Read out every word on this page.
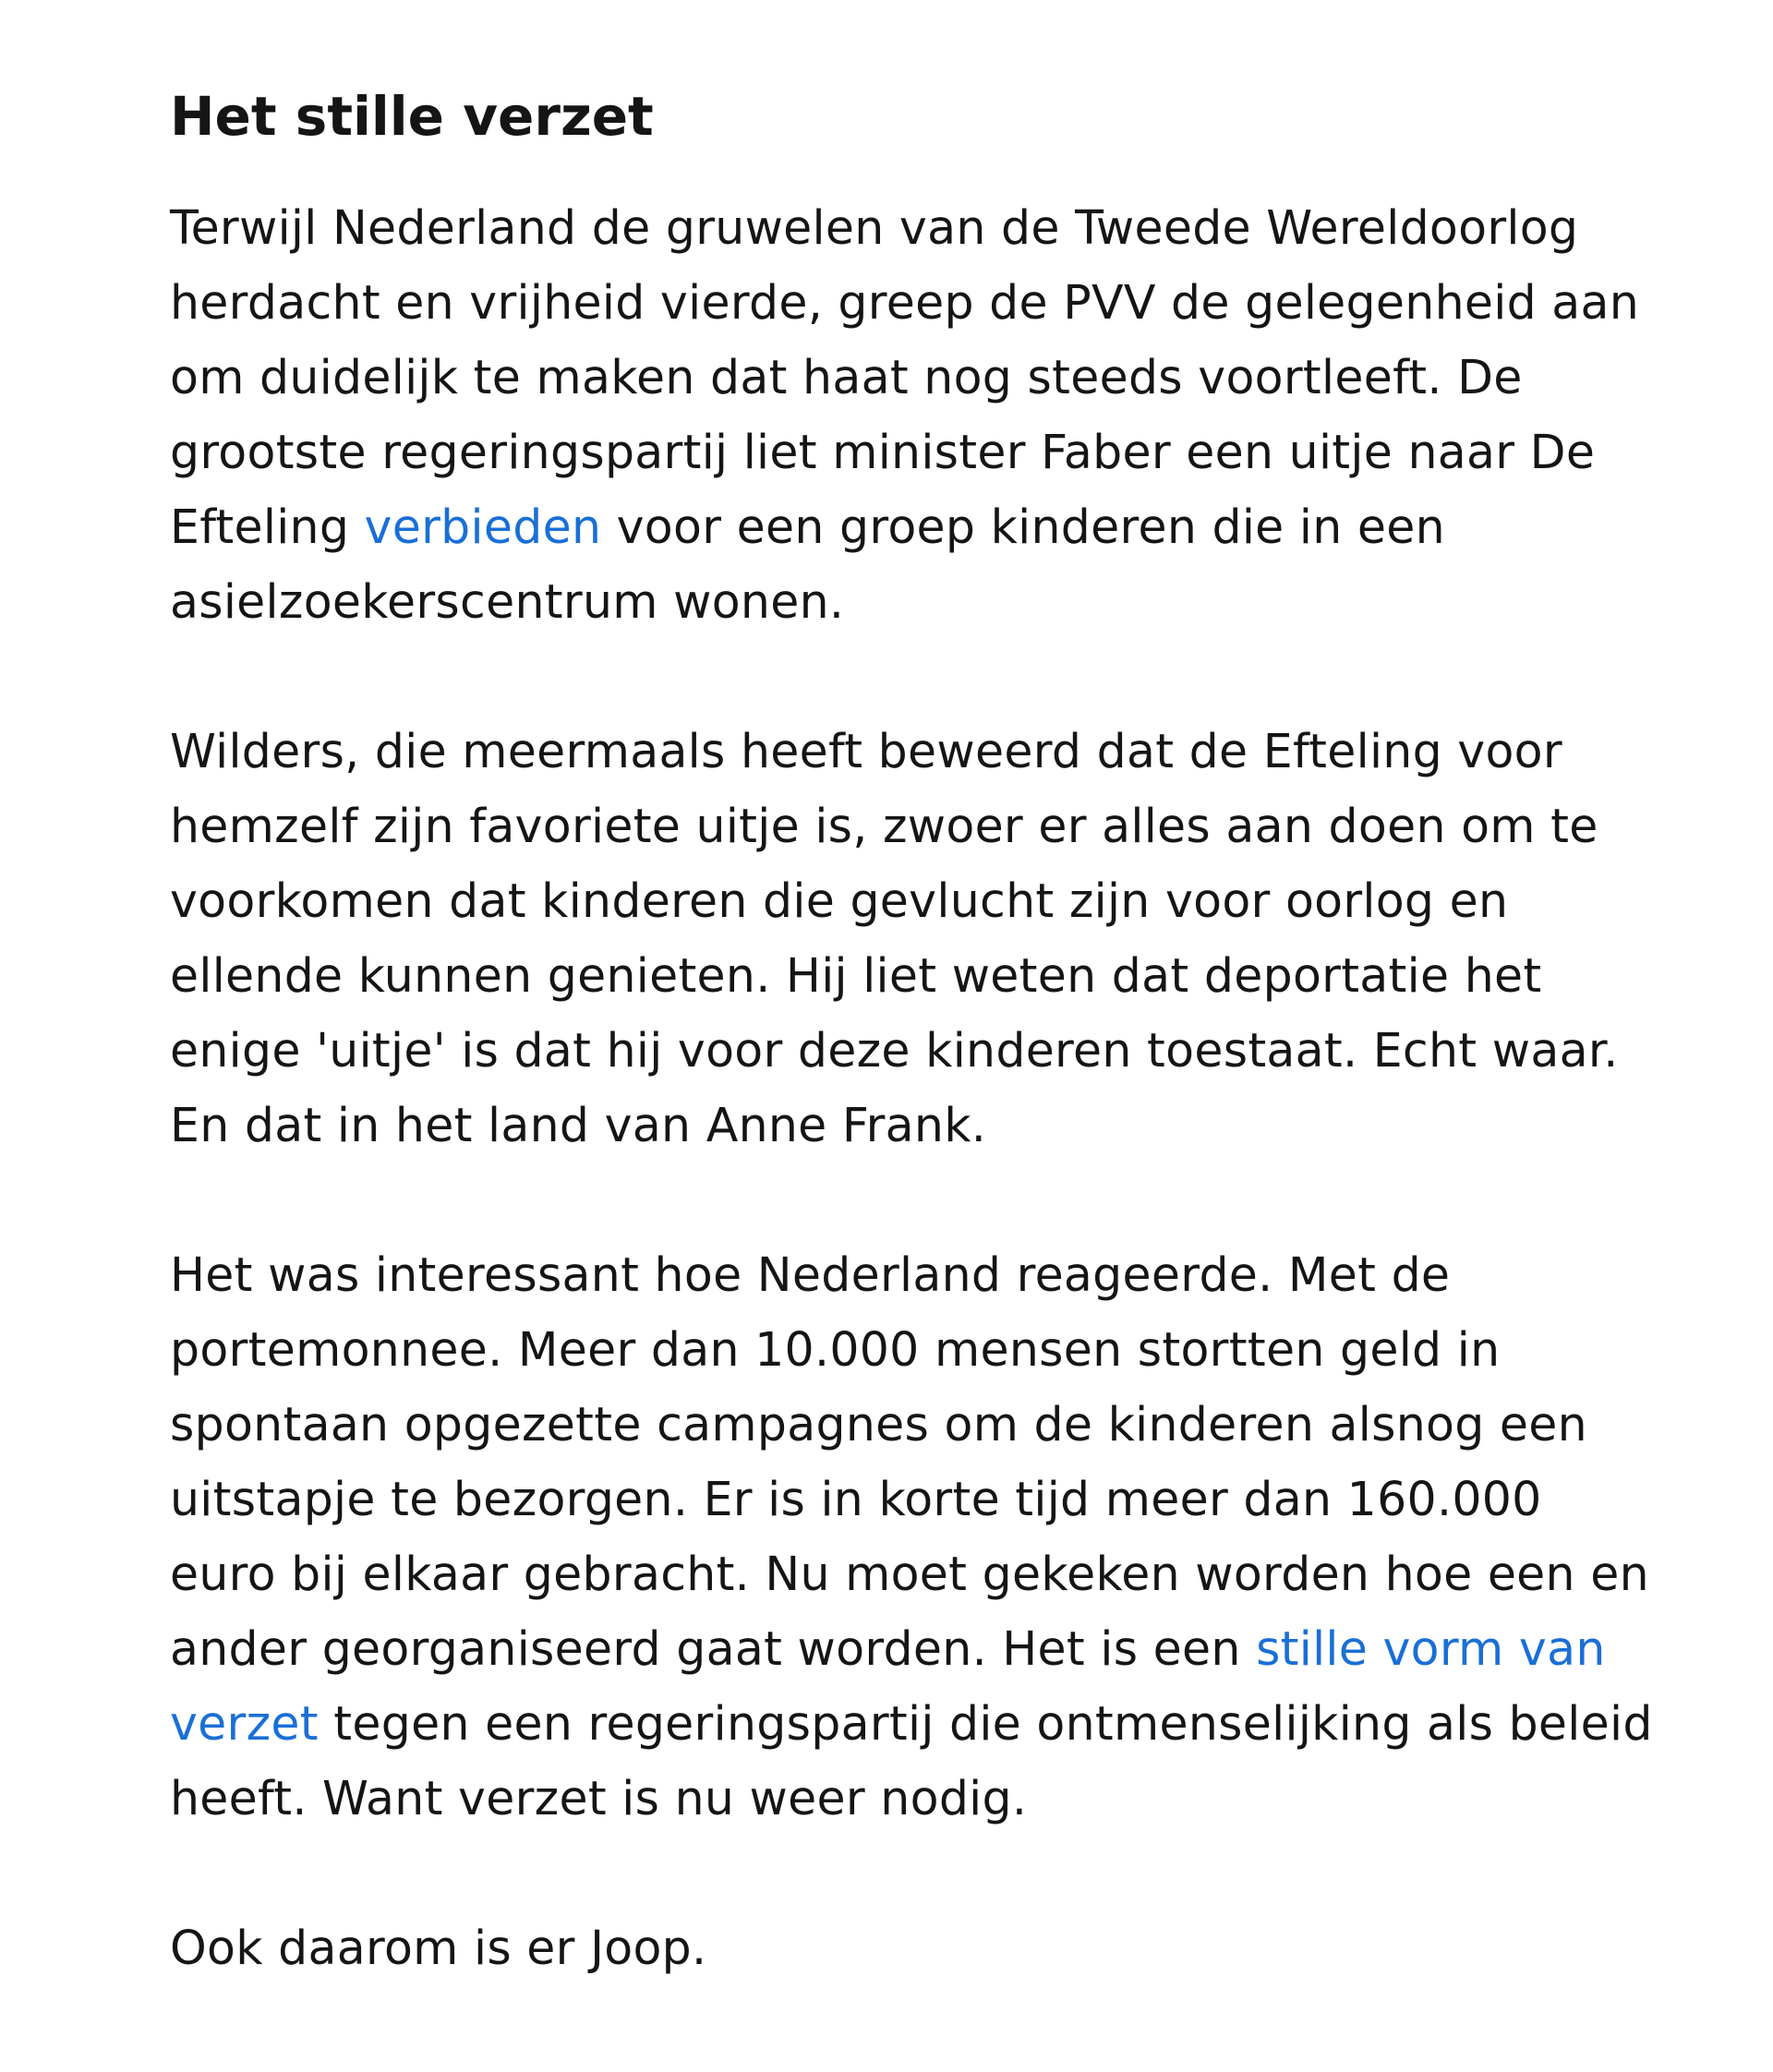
Het stille verzet

Terwijl Nederland de gruwelen van de Tweede Wereldoorlog herdacht en vrijheid vierde, greep de PVV de gelegenheid aan om duidelijk te maken dat haat nog steeds voortleeft. De grootste regeringspartij liet minister Faber een uitje naar De Efteling verbieden voor een groep kinderen die in een asielzoekerscentrum wonen.

Wilders, die meermaals heeft beweerd dat de Efteling voor hemzelf zijn favoriete uitje is, zwoer er alles aan doen om te voorkomen dat kinderen die gevlucht zijn voor oorlog en ellende kunnen genieten. Hij liet weten dat deportatie het enige 'uitje' is dat hij voor deze kinderen toestaat. Echt waar. En dat in het land van Anne Frank.

Het was interessant hoe Nederland reageerde. Met de portemonnee. Meer dan 10.000 mensen stortten geld in spontaan opgezette campagnes om de kinderen alsnog een uitstapje te bezorgen. Er is in korte tijd meer dan 160.000 euro bij elkaar gebracht. Nu moet gekeken worden hoe een en ander georganiseerd gaat worden. Het is een stille vorm van verzet tegen een regeringspartij die ontmenselijking als beleid heeft. Want verzet is nu weer nodig.

Ook daarom is er Joop.
